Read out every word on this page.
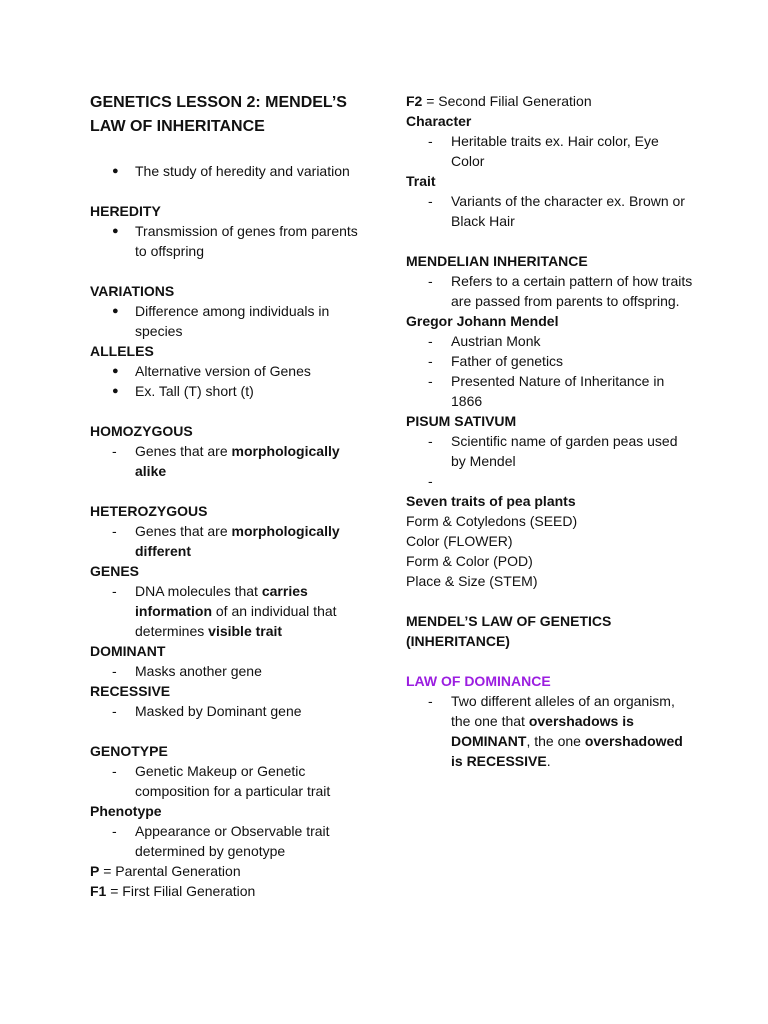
GENETICS LESSON 2: MENDEL’S LAW OF INHERITANCE
● The study of heredity and variation
HEREDITY
● Transmission of genes from parents to offspring
VARIATIONS
● Difference among individuals in species
ALLELES
● Alternative version of Genes
● Ex. Tall (T) short (t)
HOMOZYGOUS
- Genes that are morphologically alike
HETEROZYGOUS
- Genes that are morphologically different
GENES
- DNA molecules that carries information of an individual that determines visible trait
DOMINANT
- Masks another gene
RECESSIVE
- Masked by Dominant gene
GENOTYPE
- Genetic Makeup or Genetic composition for a particular trait
Phenotype
- Appearance or Observable trait determined by genotype
P = Parental Generation
F1 = First Filial Generation
F2 = Second Filial Generation
Character
- Heritable traits ex. Hair color, Eye Color
Trait
- Variants of the character ex. Brown or Black Hair
MENDELIAN INHERITANCE
- Refers to a certain pattern of how traits are passed from parents to offspring.
Gregor Johann Mendel
- Austrian Monk
- Father of genetics
- Presented Nature of Inheritance in 1866
PISUM SATIVUM
- Scientific name of garden peas used by Mendel
-

Seven traits of pea plants
Form & Cotyledons (SEED)
Color (FLOWER)
Form & Color (POD)
Place & Size (STEM)
MENDEL’S LAW OF GENETICS (INHERITANCE)
LAW OF DOMINANCE
- Two different alleles of an organism, the one that overshadows is DOMINANT, the one overshadowed is RECESSIVE.
